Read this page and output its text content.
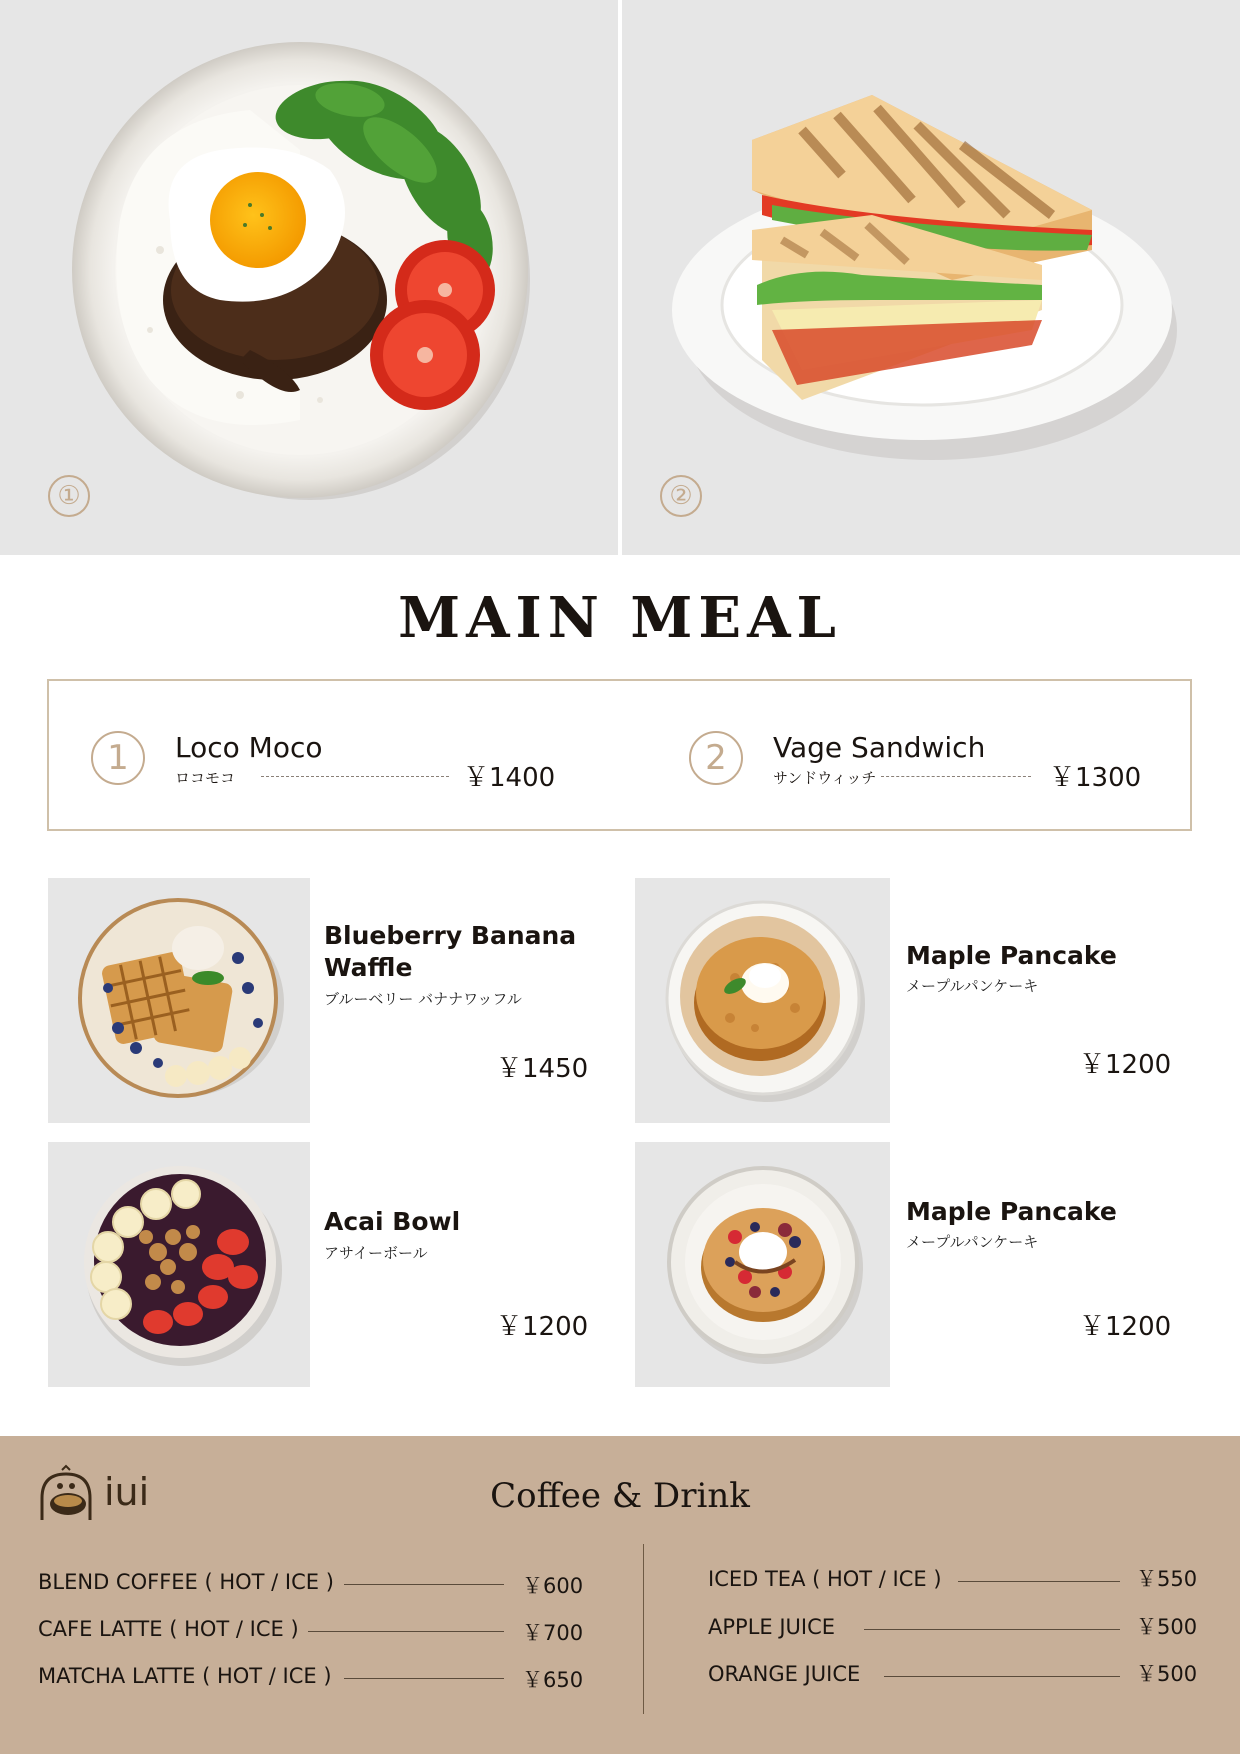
①	②
MAIN MEAL
1	Loco Moco
ロコモコ	￥1400	2	Vage Sandwich
サンドウィッチ	￥1300
Blueberry Banana
Waffle
ブルーベリー バナナワッフル
￥1450
Maple Pancake
メープルパンケーキ
￥1200
Acai Bowl
アサイーボール
￥1200
Maple Pancake
メープルパンケーキ
￥1200
iui	Coffee & Drink
BLEND COFFEE ( HOT / ICE )	￥600
CAFE LATTE ( HOT / ICE )	￥700
MATCHA LATTE ( HOT / ICE )	￥650
ICED TEA ( HOT / ICE )	￥550
APPLE JUICE	￥500
ORANGE JUICE	￥500
